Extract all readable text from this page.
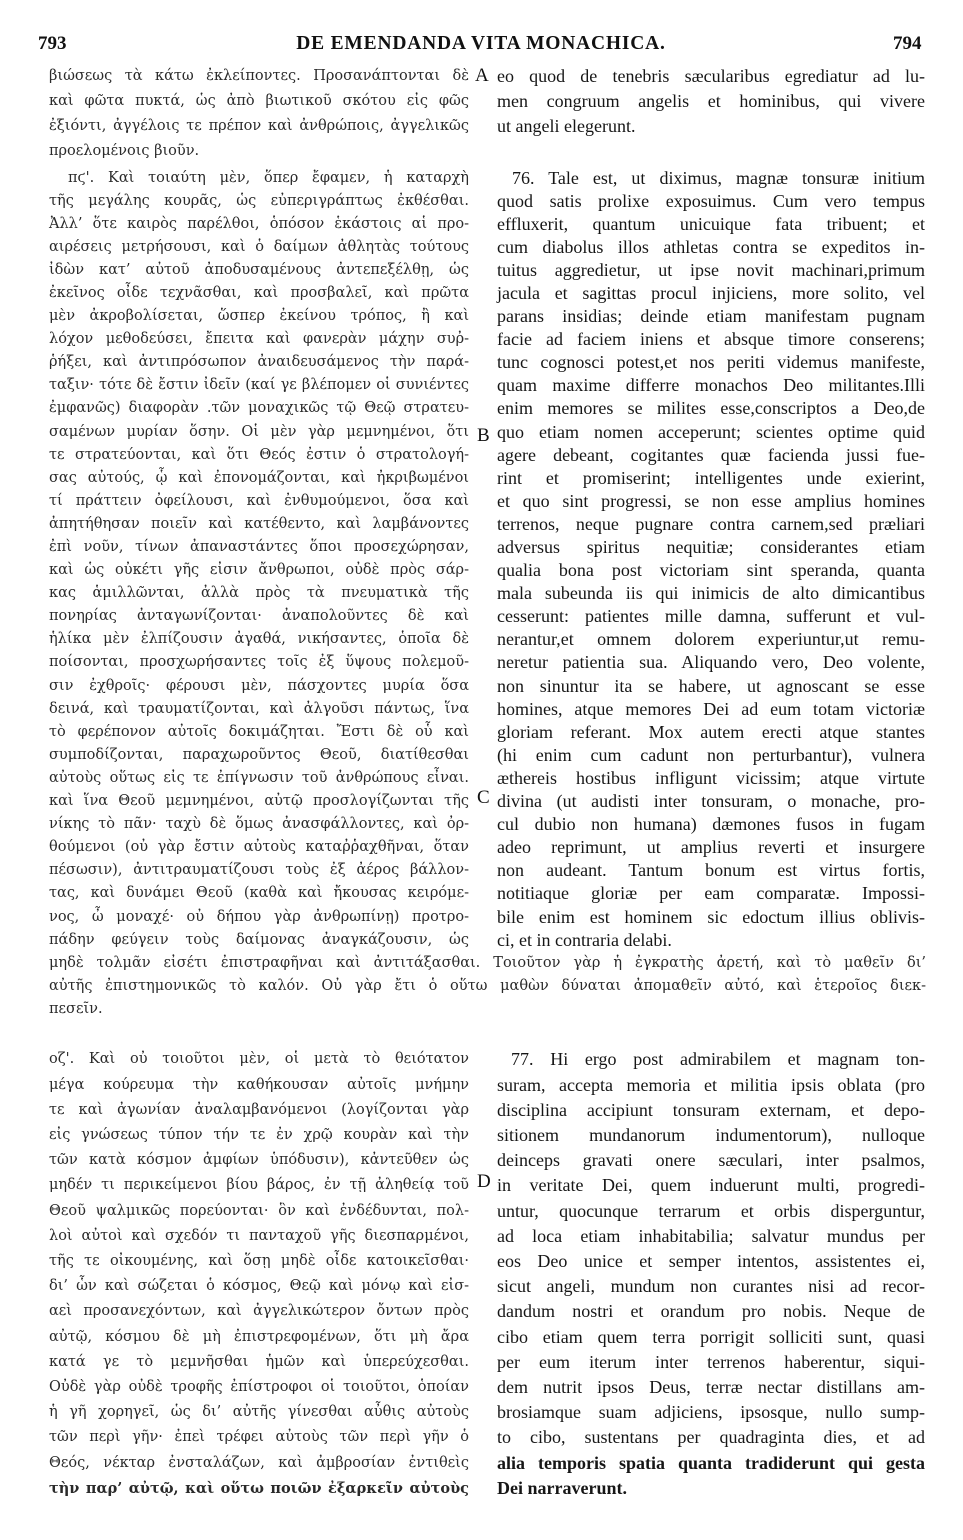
793	DE EMENDANDA VITA MONACHICA.	794
βιώσεως τὰ κάτω ἐκλείποντες. Προσανάπτονται δὲ
καὶ φῶτα πυκτά, ὡς ἀπὸ βιωτικοῦ σκότου εἰς φῶς
ἐξιόντι, ἀγγέλοις τε πρέπον καὶ ἀνθρώποις, ἀγγελικῶς
προελομένοις βιοῦν.
eo quod de tenebris sæcularibus egrediatur ad lu-
men congruum angelis et hominibus, qui vivere
ut angeli elegerunt.
πϛ'. Καὶ τοιαύτη μὲν, ὅπερ ἔφαμεν, ἡ καταρχὴ
τῆς μεγάλης κουρᾶς, ὡς εὐπεριγράπτως ἐκθέσθαι.
Ἀλλ’ ὅτε καιρὸς παρέλθοι, ὁπόσον ἑκάστοις αἱ προ-
αιρέσεις μετρήσουσι, καὶ ὁ δαίμων ἀθλητὰς τούτους
ἰδὼν κατ’ αὐτοῦ ἀποδυσαμένους ἀντεπεξέλθῃ, ὡς
ἐκεῖνος οἶδε τεχνᾶσθαι, καὶ προσβαλεῖ, καὶ πρῶτα
μὲν ἀκροβολίσεται, ὥσπερ ἐκείνου τρόπος, ἢ καὶ
λόχον μεθοδεύσει, ἔπειτα καὶ φανερὰν μάχην συῤ-
ῥήξει, καὶ ἀντιπρόσωπον ἀναιδευσάμενος τὴν παρά-
ταξιν· τότε δὲ ἔστιν ἰδεῖν (καί γε βλέπομεν οἱ συνιέντες
ἐμφανῶς) διαφορὰν .τῶν μοναχικῶς τῷ Θεῷ στρατευ-
σαμένων μυρίαν ὅσην. Οἱ μὲν γὰρ μεμνημένοι, ὅτι
τε στρατεύονται, καὶ ὅτι Θεός ἐστιν ὁ στρατολογή-
σας αὐτούς, ᾧ καὶ ἐπονομάζονται, καὶ ἠκριβωμένοι
τί πράττειν ὀφείλουσι, καὶ ἐνθυμούμενοι, ὅσα καὶ
ἀπητήθησαν ποιεῖν καὶ κατέθεντο, καὶ λαμβάνοντες
ἐπὶ νοῦν, τίνων ἀπαναστάντες ὅποι προσεχώρησαν,
καὶ ὡς οὐκέτι γῆς εἰσιν ἄνθρωποι, οὐδὲ πρὸς σάρ-
κας ἁμιλλῶνται, ἀλλὰ πρὸς τὰ πνευματικὰ τῆς
πονηρίας ἀνταγωνίζονται· ἀναπολοῦντες δὲ καὶ
ἡλίκα μὲν ἐλπίζουσιν ἀγαθά, νικήσαντες, ὁποῖα δὲ
ποίσονται, προσχωρήσαντες τοῖς ἐξ ὕψους πολεμοῦ-
σιν ἐχθροῖς· φέρουσι μὲν, πάσχοντες μυρία ὅσα
δεινά, καὶ τραυματίζονται, καὶ ἀλγοῦσι πάντως, ἵνα
τὸ φερέπονον αὐτοῖς δοκιμάζηται. Ἔστι δὲ οὗ καὶ
συμποδίζονται, παραχωροῦντος Θεοῦ, διατίθεσθαι
αὐτοὺς οὕτως εἰς τε ἐπίγνωσιν τοῦ ἀνθρώπους εἶναι.
καὶ ἵνα Θεοῦ μεμνημένοι, αὐτῷ προσλογίζωνται τῆς
νίκης τὸ πᾶν· ταχὺ δὲ ὅμως ἀνασφάλλοντες, καὶ ὀρ-
θούμενοι (οὐ γὰρ ἔστιν αὐτοὺς καταῤῥαχθῆναι, ὅταν
πέσωσιν), ἀντιτραυματίζουσι τοὺς ἐξ ἀέρος βάλλον-
τας, καὶ δυνάμει Θεοῦ (καθὰ καὶ ἤκουσας κειρόμε-
νος, ὦ μοναχέ· οὐ δήπου γὰρ ἀνθρωπίνῃ) προτρο-
πάδην φεύγειν τοὺς δαίμονας ἀναγκάζουσιν, ὡς
76. Tale est, ut diximus, magnæ tonsuræ initium
quod satis prolixe exposuimus. Cum vero tempus
effluxerit, quantum unicuique fata tribuent; et
cum diabolus illos athletas contra se expeditos in-
tuitus aggredietur, ut ipse novit machinari,primum
jacula et sagittas procul injiciens, more solito, vel
parans insidias; deinde etiam manifestam pugnam
facie ad faciem iniens et absque timore conserens;
tunc cognosci potest,et nos periti videmus manifeste,
quam maxime differre monachos Deo militantes.Illi
enim memores se milites esse,conscriptos a Deo,de
quo etiam nomen acceperunt; scientes optime quid
agere debeant, cogitantes quæ facienda jussi fue-
rint et promiserint; intelligentes unde exierint,
et quo sint progressi, se non esse amplius homines
terrenos, neque pugnare contra carnem,sed præliari
adversus spiritus nequitiæ; considerantes etiam
qualia bona post victoriam sint speranda, quanta
mala subeunda iis qui inimicis de alto dimicantibus
cesserunt: patientes mille damna, sufferunt et vul-
nerantur,et omnem dolorem experiuntur,ut remu-
neretur patientia sua. Aliquando vero, Deo volente,
non sinuntur ita se habere, ut agnoscant se esse
homines, atque memores Dei ad eum totam victoriæ
gloriam referant. Mox autem erecti atque stantes
(hi enim cum cadunt non perturbantur), vulnera
æthereis hostibus infligunt vicissim; atque virtute
divina (ut audisti inter tonsuram, o monache, pro-
cul dubio non humana) dæmones fusos in fugam
adeo reprimunt, ut amplius reverti et insurgere
non audeant. Tantum bonum est virtus fortis,
notitiaque gloriæ per eam comparatæ. Impossi-
bile enim est hominem sic edoctum illius oblivis-
ci, et in contraria delabi.
μηδὲ τολμᾶν εἰσέτι ἐπιστραφῆναι καὶ ἀντιτάξασθαι. Τοιοῦτον γὰρ ἡ ἐγκρατὴς ἀρετή, καὶ τὸ μαθεῖν δι’
αὐτῆς ἐπιστημονικῶς τὸ καλόν. Οὐ γὰρ ἔτι ὁ οὕτω μαθὼν δύναται ἀπομαθεῖν αὐτό, καὶ ἑτεροῖος διεκ-
πεσεῖν.
οζ'. Καὶ οὐ τοιοῦτοι μὲν, οἱ μετὰ τὸ θειότατον
μέγα κούρευμα τὴν καθήκουσαν αὐτοῖς μνήμην
τε καὶ ἀγωνίαν ἀναλαμβανόμενοι (λογίζονται γὰρ
εἰς γνώσεως τύπον τήν τε ἐν χρῷ κουρὰν καὶ τὴν
τῶν κατὰ κόσμον ἀμφίων ὑπόδυσιν), κἀντεῦθεν ὡς
μηδέν τι περικείμενοι βίου βάρος, ἐν τῇ ἀληθείᾳ τοῦ
Θεοῦ ψαλμικῶς πορεύονται· ὃν καὶ ἐνδέδυνται, πολ-
λοὶ αὐτοὶ καὶ σχεδόν τι πανταχοῦ γῆς διεσπαρμένοι,
τῆς τε οἰκουμένης, καὶ ὅσῃ μηδὲ οἶδε κατοικεῖσθαι·
δι’ ὧν καὶ σώζεται ὁ κόσμος, Θεῷ καὶ μόνῳ καὶ εἰσ-
αεὶ προσανεχόντων, καὶ ἀγγελικώτερον ὄντων πρὸς
αὐτῷ, κόσμου δὲ μὴ ἐπιστρεφομένων, ὅτι μὴ ἄρα
κατά γε τὸ μεμνῆσθαι ἡμῶν καὶ ὑπερεύχεσθαι.
Οὐδὲ γὰρ οὐδὲ τροφῆς ἐπίστροφοι οἱ τοιοῦτοι, ὁποίαν
ἡ γῆ χορηγεῖ, ὡς δι’ αὐτῆς γίνεσθαι αὖθις αὐτοὺς
τῶν περὶ γῆν· ἐπεὶ τρέφει αὐτοὺς τῶν περὶ γῆν ὁ
Θεός, νέκταρ ἐνσταλάζων, καὶ ἀμβροσίαν ἐντιθεὶς
τὴν παρ’ αὐτῷ, καὶ οὕτω ποιῶν ἐξαρκεῖν αὐτοὺς
77. Hi ergo post admirabilem et magnam ton-
suram, accepta memoria et militia ipsis oblata (pro
disciplina accipiunt tonsuram externam, et depo-
sitionem mundanorum indumentorum), nulloque
deinceps gravati onere sæculari, inter psalmos,
in veritate Dei, quem induerunt multi, progredi-
untur, quocunque terrarum et orbis disperguntur,
ad loca etiam inhabitabilia; salvatur mundus per
eos Deo unice et semper intentos, assistentes ei,
sicut angeli, mundum non curantes nisi ad recor-
dandum nostri et orandum pro nobis. Neque de
cibo etiam quem terra porrigit solliciti sunt, quasi
per eum iterum inter terrenos haberentur, siqui-
dem nutrit ipsos Deus, terræ nectar distillans am-
brosiamque suam adjiciens, ipsosque, nullo sump-
to cibo, sustentans per quadraginta dies, et ad
alia temporis spatia quanta tradiderunt qui gesta
Dei narraverunt.
A
B
C
D
